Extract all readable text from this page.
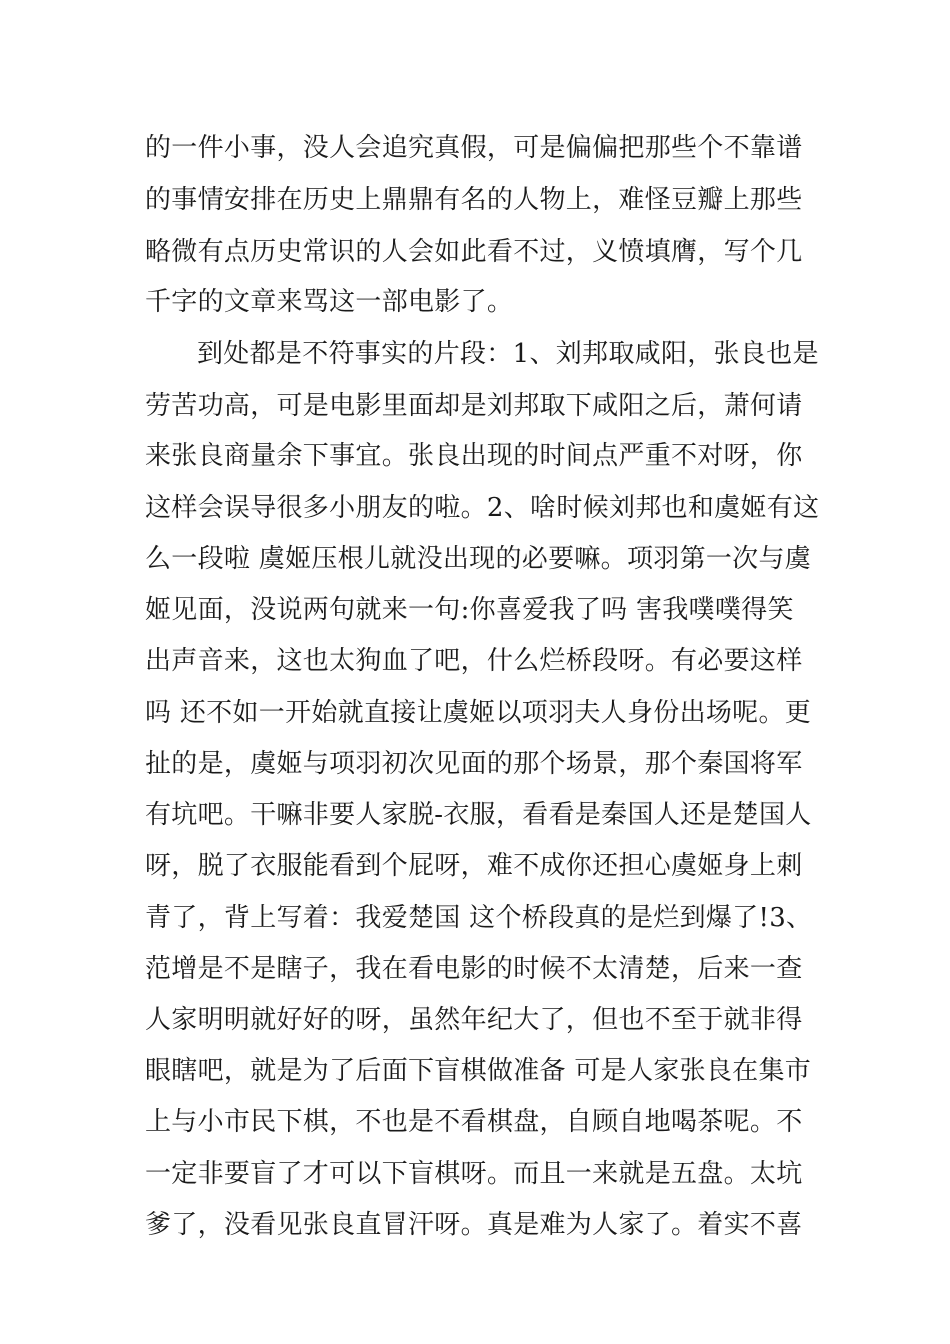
的一件小事，没人会追究真假，可是偏偏把那些个不靠谱
的事情安排在历史上鼎鼎有名的人物上，难怪豆瓣上那些
略微有点历史常识的人会如此看不过，义愤填膺，写个几
千字的文章来骂这一部电影了。
到处都是不符事实的片段：1、刘邦取咸阳，张良也是
劳苦功高，可是电影里面却是刘邦取下咸阳之后，萧何请
来张良商量余下事宜。张良出现的时间点严重不对呀，你
这样会误导很多小朋友的啦。2、啥时候刘邦也和虞姬有这
么一段啦 虞姬压根儿就没出现的必要嘛。项羽第一次与虞
姬见面，没说两句就来一句:你喜爱我了吗 害我噗噗得笑
出声音来，这也太狗血了吧，什么烂桥段呀。有必要这样
吗 还不如一开始就直接让虞姬以项羽夫人身份出场呢。更
扯的是，虞姬与项羽初次见面的那个场景，那个秦国将军
有坑吧。干嘛非要人家脱-衣服，看看是秦国人还是楚国人
呀，脱了衣服能看到个屁呀，难不成你还担心虞姬身上刺
青了，背上写着：我爱楚国 这个桥段真的是烂到爆了!3、
范增是不是瞎子，我在看电影的时候不太清楚，后来一查
人家明明就好好的呀，虽然年纪大了，但也不至于就非得
眼瞎吧，就是为了后面下盲棋做准备 可是人家张良在集市
上与小市民下棋，不也是不看棋盘，自顾自地喝茶呢。不
一定非要盲了才可以下盲棋呀。而且一来就是五盘。太坑
爹了，没看见张良直冒汗呀。真是难为人家了。着实不喜
